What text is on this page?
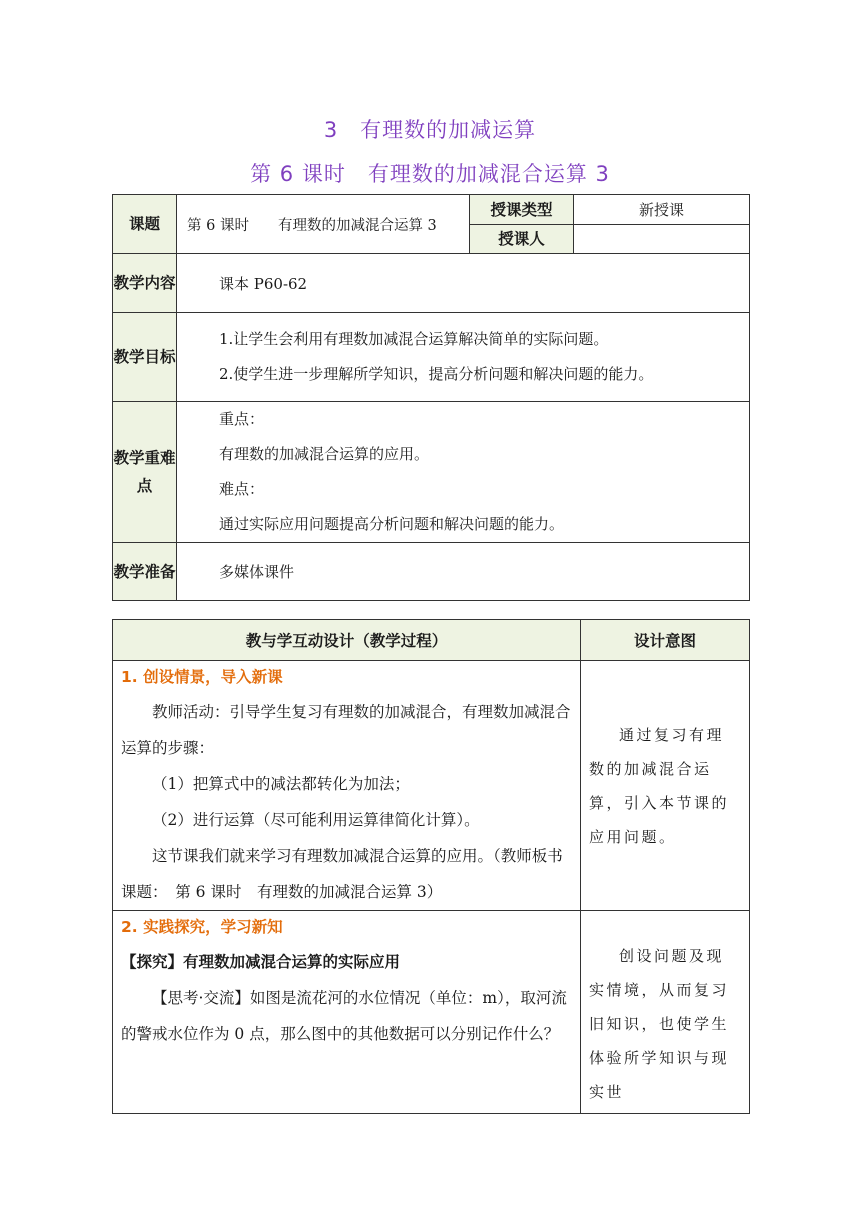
3　有理数的加减运算
第 6 课时　有理数的加减混合运算 3
课题	第 6 课时　　有理数的加减混合运算 3	授课类型	新授课
		授课人	
教学内容	课本 P60-62		
教学目标	1.让学生会利用有理数加减混合运算解决简单的实际问题。
2.使学生进一步理解所学知识，提高分析问题和解决问题的能力。		

教学重难点	重点：
有理数的加减混合运算的应用。
难点：
通过实际应用问题提高分析问题和解决问题的能力。		

教学准备	多媒体课件		
教与学互动设计（教学过程）	设计意图

1. 创设情景，导入新课

教师活动：引导学生复习有理数的加减混合，有理数加减混合运算的步骤：

（1）把算式中的减法都转化为加法；

（2）进行运算（尽可能利用运算律简化计算）。

这节课我们就来学习有理数加减混合运算的应用。（教师板书课题：　第 6 课时　有理数的加减混合运算 3）	通过复习有理数的加减混合运算，引入本节课的应用问题。

2. 实践探究，学习新知
【探究】有理数加减混合运算的实际应用

【思考·交流】如图是流花河的水位情况（单位：m），取河流的警戒水位作为 0 点，那么图中的其他数据可以分别记作什么？	创设问题及现实情境，从而复习旧知识，也使学生体验所学知识与现实世
